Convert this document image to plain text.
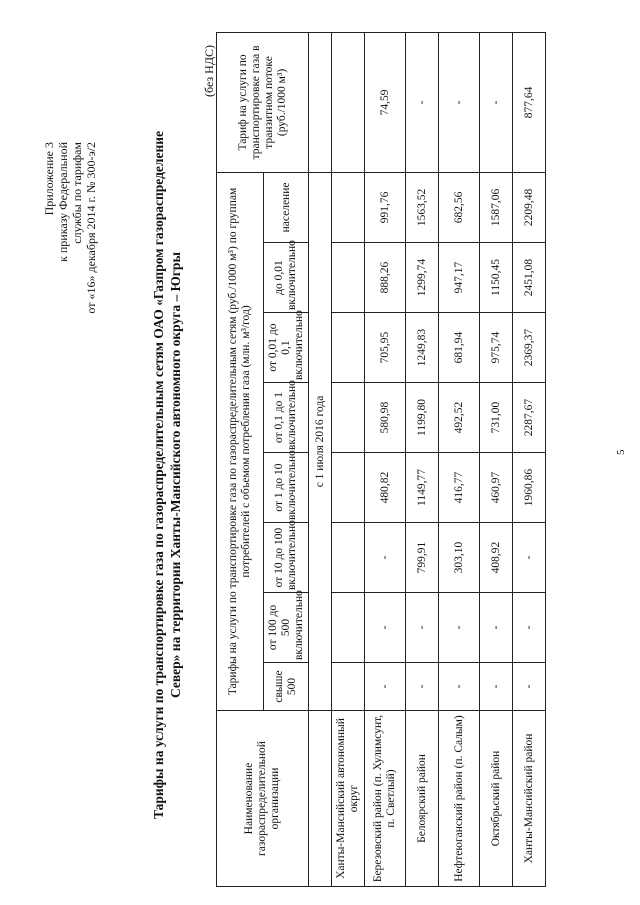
Приложение 3 к приказу Федеральной службы по тарифам от «16» декабря 2014 г. № 300-э/2	Тарифы на услуги по транспортировке газа по газораспределительным сетям ОАО «Газпром газораспределение Север» на территории Ханты-Мансийского автономного округа – Югры
(без НДС)
Наименование газораспределительной организации	Тарифы на услуги по транспортировке газа по газораспределительным сетям (руб./1000 м³) по группам потребителей с объемом потребления газа (млн. м³/год)								Тариф на услуги по транспортировке газа в транзитном потоке (руб./1000 м³)
	свыше 500	от 100 до 500 включительно	от 10 до 100 включительно	от 1 до 10 включительно	от 0,1 до 1 включительно	от 0,01 до 0,1 включительно	до 0,01 включительно	население	
	с 1 июля 2016 года								
Ханты-Мансийский автономный округ									
Березовский район (п. Хулимсунт, п. Светлый)	-	-	-	480,82	580,98	705,95	888,26	991,76	74,59
Белоярский район	-	-	799,91	1149,77	1199,80	1249,83	1299,74	1563,52	-
Нефтеюганский район (п. Салым)	-	-	303,10	416,77	492,52	681,94	947,17	682,56	-
Октябрьский район	-	-	408,92	460,97	731,00	975,74	1150,45	1587,06	-
Ханты-Мансийский район	-	-	-	1960,86	2287,67	2369,37	2451,08	2209,48	877,64
5
